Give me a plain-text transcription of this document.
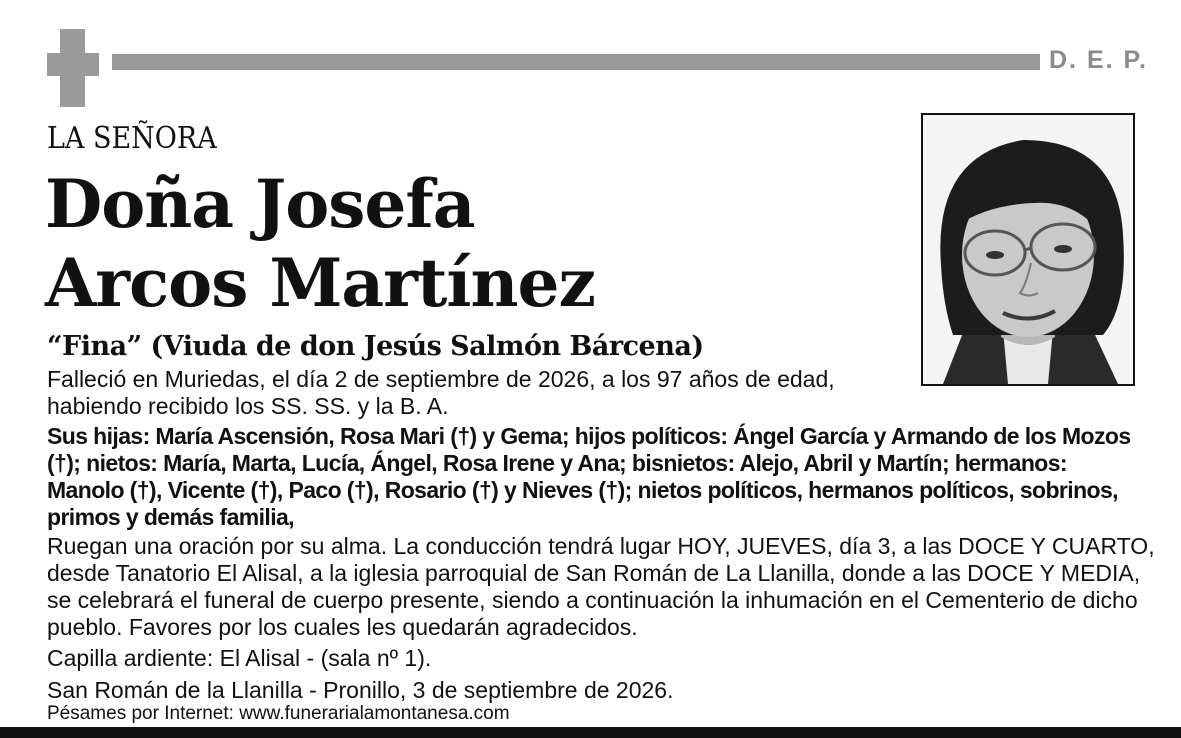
D. E. P.
LA SEÑORA
Doña Josefa
Arcos Martínez
“Fina” (Viuda de don Jesús Salmón Bárcena)
Falleció en Muriedas, el día 2 de septiembre de 2026, a los 97 años de edad, habiendo recibido los SS. SS. y la B. A.
Sus hijas: María Ascensión, Rosa Mari (†) y Gema; hijos políticos: Ángel García y Armando de los Mozos (†); nietos: María, Marta, Lucía, Ángel, Rosa Irene y Ana; bisnietos: Alejo, Abril y Martín; hermanos: Manolo (†), Vicente (†), Paco (†), Rosario (†) y Nieves (†); nietos políticos, hermanos políticos, sobrinos, primos y demás familia,
Ruegan una oración por su alma. La conducción tendrá lugar HOY, JUEVES, día 3, a las DOCE Y CUARTO, desde Tanatorio El Alisal, a la iglesia parroquial de San Román de La Llanilla, donde a las DOCE Y MEDIA, se celebrará el funeral de cuerpo presente, siendo a continuación la inhumación en el Cementerio de dicho pueblo. Favores por los cuales les quedarán agradecidos.
Capilla ardiente: El Alisal - (sala nº 1).
San Román de la Llanilla - Pronillo, 3 de septiembre de 2026.
Pésames por Internet: www.funerarialamontanesa.com
